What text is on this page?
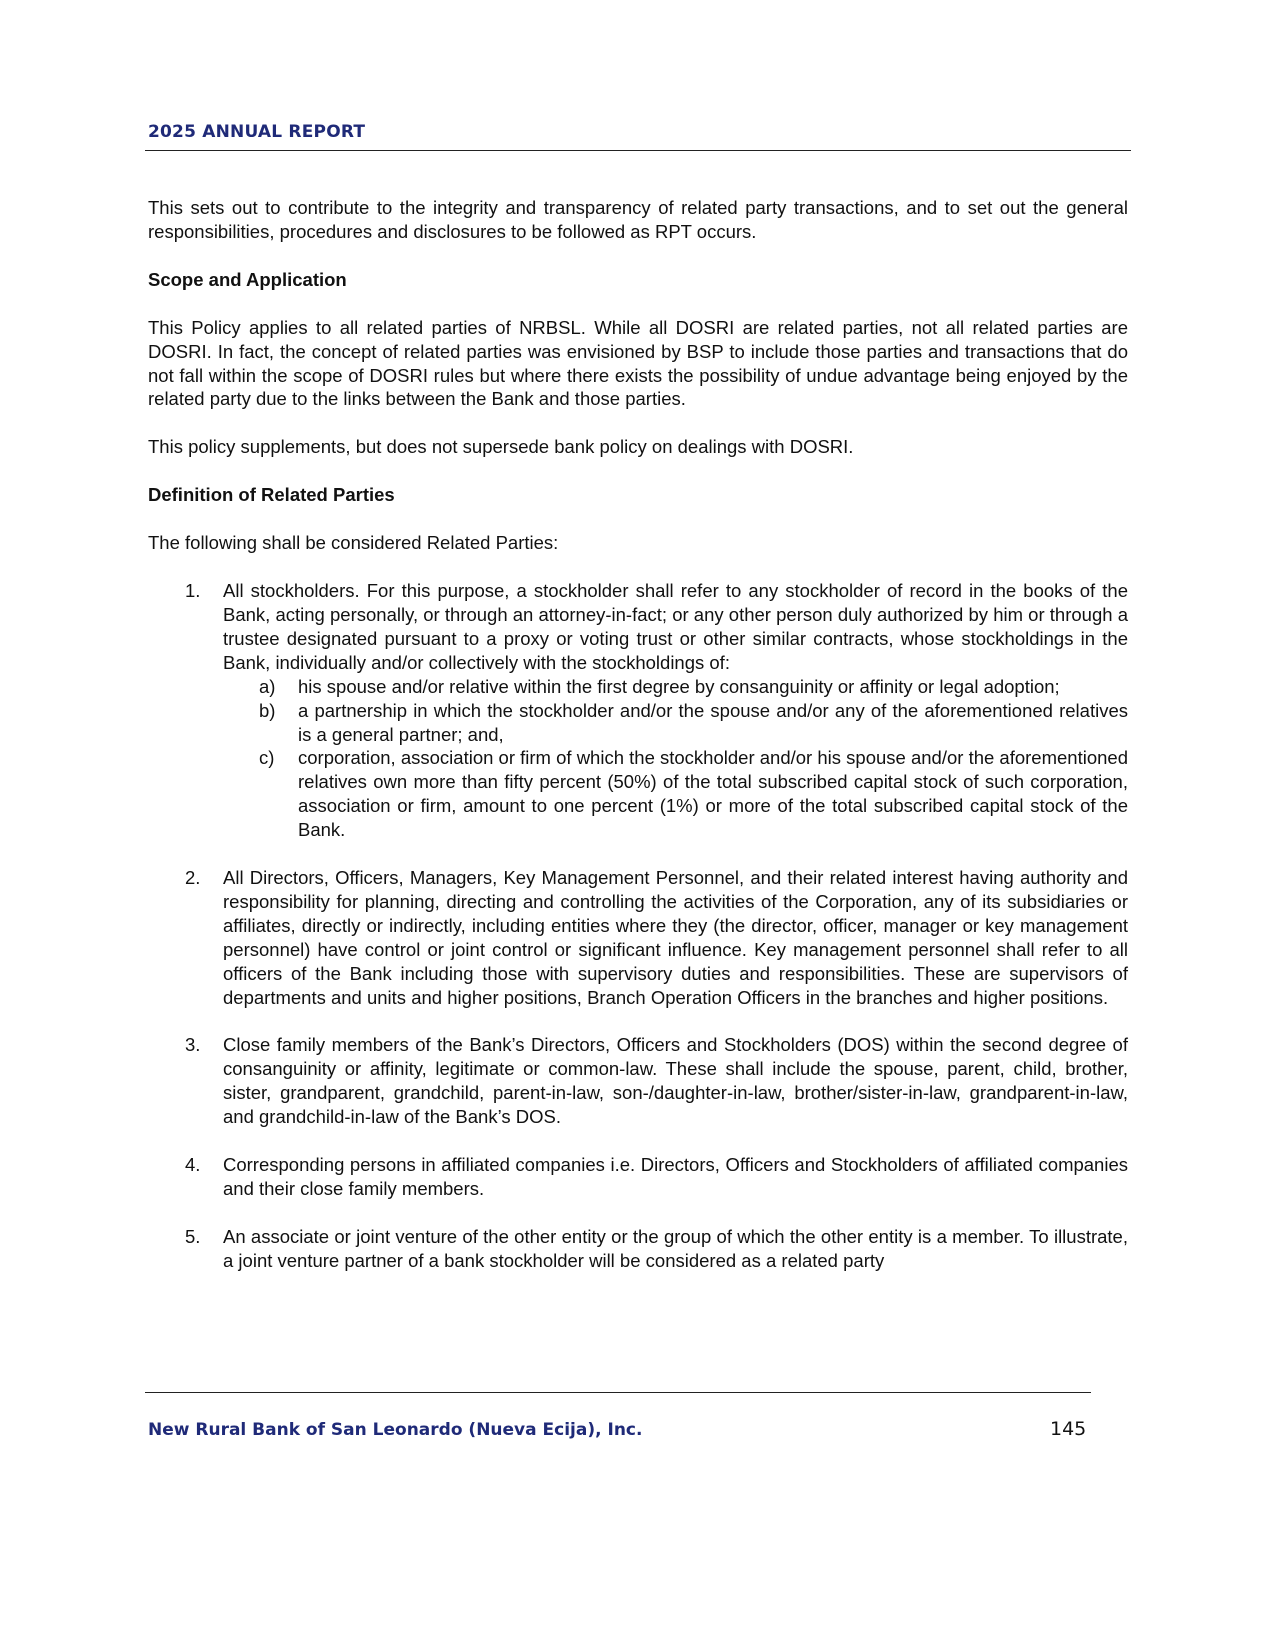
2025 ANNUAL REPORT

This sets out to contribute to the integrity and transparency of related party transactions, and to set out the general responsibilities, procedures and disclosures to be followed as RPT occurs.

Scope and Application

This Policy applies to all related parties of NRBSL. While all DOSRI are related parties, not all related parties are DOSRI. In fact, the concept of related parties was envisioned by BSP to include those parties and transactions that do not fall within the scope of DOSRI rules but where there exists the possibility of undue advantage being enjoyed by the related party due to the links between the Bank and those parties.

This policy supplements, but does not supersede bank policy on dealings with DOSRI.

Definition of Related Parties

The following shall be considered Related Parties:

1. All stockholders. For this purpose, a stockholder shall refer to any stockholder of record in the books of the Bank, acting personally, or through an attorney-in-fact; or any other person duly authorized by him or through a trustee designated pursuant to a proxy or voting trust or other similar contracts, whose stockholdings in the Bank, individually and/or collectively with the stockholdings of:
a) his spouse and/or relative within the first degree by consanguinity or affinity or legal adoption;
b) a partnership in which the stockholder and/or the spouse and/or any of the aforementioned relatives is a general partner; and,
c) corporation, association or firm of which the stockholder and/or his spouse and/or the aforementioned relatives own more than fifty percent (50%) of the total subscribed capital stock of such corporation, association or firm, amount to one percent (1%) or more of the total subscribed capital stock of the Bank.
2. All Directors, Officers, Managers, Key Management Personnel, and their related interest having authority and responsibility for planning, directing and controlling the activities of the Corporation, any of its subsidiaries or affiliates, directly or indirectly, including entities where they (the director, officer, manager or key management personnel) have control or joint control or significant influence. Key management personnel shall refer to all officers of the Bank including those with supervisory duties and responsibilities. These are supervisors of departments and units and higher positions, Branch Operation Officers in the branches and higher positions.
3. Close family members of the Bank’s Directors, Officers and Stockholders (DOS) within the second degree of consanguinity or affinity, legitimate or common-law. These shall include the spouse, parent, child, brother, sister, grandparent, grandchild, parent-in-law, son-/daughter-in-law, brother/sister-in-law, grandparent-in-law, and grandchild-in-law of the Bank’s DOS.
4. Corresponding persons in affiliated companies i.e. Directors, Officers and Stockholders of affiliated companies and their close family members.
5. An associate or joint venture of the other entity or the group of which the other entity is a member. To illustrate, a joint venture partner of a bank stockholder will be considered as a related party
New Rural Bank of San Leonardo (Nueva Ecija), Inc.	145
